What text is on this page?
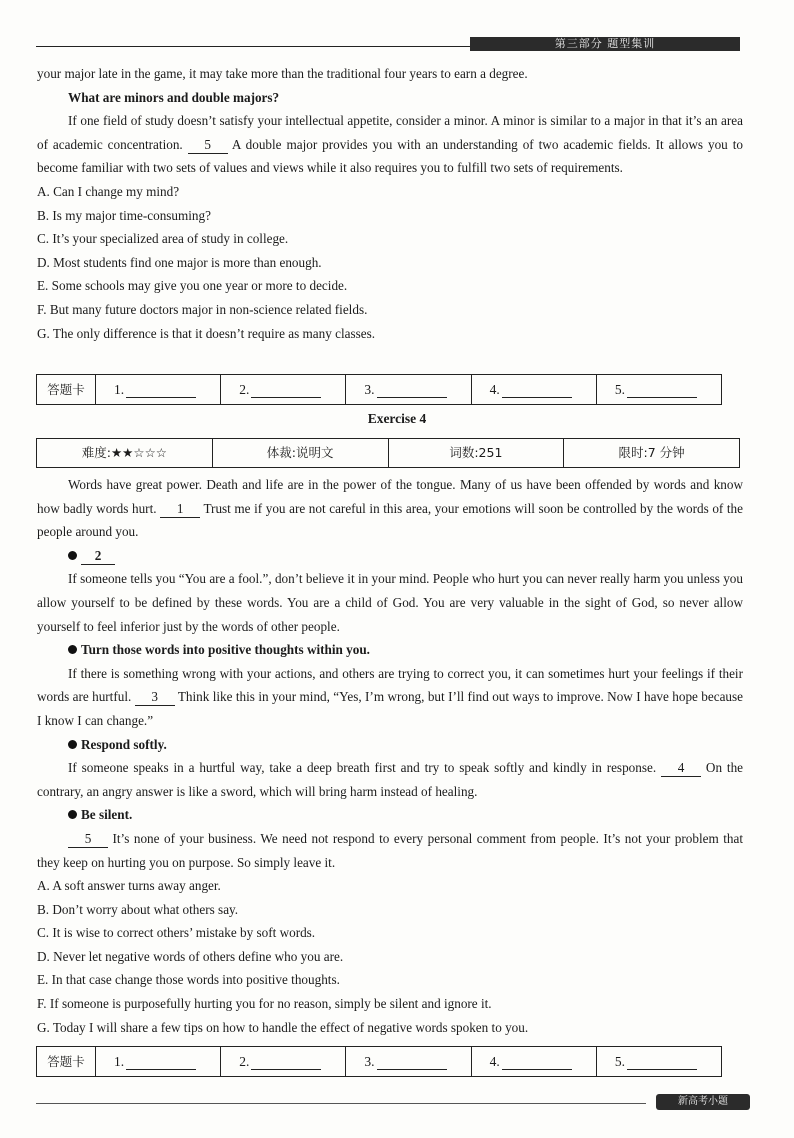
第三部分 题型集训

your major late in the game, it may take more than the traditional four years to earn a degree.

What are minors and double majors?

If one field of study doesn’t satisfy your intellectual appetite, consider a minor. A minor is similar to a major in that it’s an area of academic concentration. 5 A double major provides you with an understanding of two academic fields. It allows you to become familiar with two sets of values and views while it also requires you to fulfill two sets of requirements.

A. Can I change my mind?

B. Is my major time-consuming?

C. It’s your specialized area of study in college.

D. Most students find one major is more than enough.

E. Some schools may give you one year or more to decide.

F. But many future doctors major in non-science related fields.

G. The only difference is that it doesn’t require as many classes.

答题卡	1.	2.	3.	4.	5.
Exercise 4
难度:★★☆☆☆	体裁:说明文	词数:251	限时:7 分钟

Words have great power. Death and life are in the power of the tongue. Many of us have been offended by words and know how badly words hurt. 1 Trust me if you are not careful in this area, your emotions will soon be controlled by the words of the people around you.

2

If someone tells you “You are a fool.”, don’t believe it in your mind. People who hurt you can never really harm you unless you allow yourself to be defined by these words. You are a child of God. You are very valuable in the sight of God, so never allow yourself to feel inferior just by the words of other people.

Turn those words into positive thoughts within you.

If there is something wrong with your actions, and others are trying to correct you, it can sometimes hurt your feelings if their words are hurtful. 3 Think like this in your mind, “Yes, I’m wrong, but I’ll find out ways to improve. Now I have hope because I know I can change.”

Respond softly.

If someone speaks in a hurtful way, take a deep breath first and try to speak softly and kindly in response. 4 On the contrary, an angry answer is like a sword, which will bring harm instead of healing.

Be silent.

5 It’s none of your business. We need not respond to every personal comment from people. It’s not your problem that they keep on hurting you on purpose. So simply leave it.

A. A soft answer turns away anger.

B. Don’t worry about what others say.

C. It is wise to correct others’ mistake by soft words.

D. Never let negative words of others define who you are.

E. In that case change those words into positive thoughts.

F. If someone is purposefully hurting you for no reason, simply be silent and ignore it.

G. Today I will share a few tips on how to handle the effect of negative words spoken to you.

答题卡	1.	2.	3.	4.	5.
新高考小题
